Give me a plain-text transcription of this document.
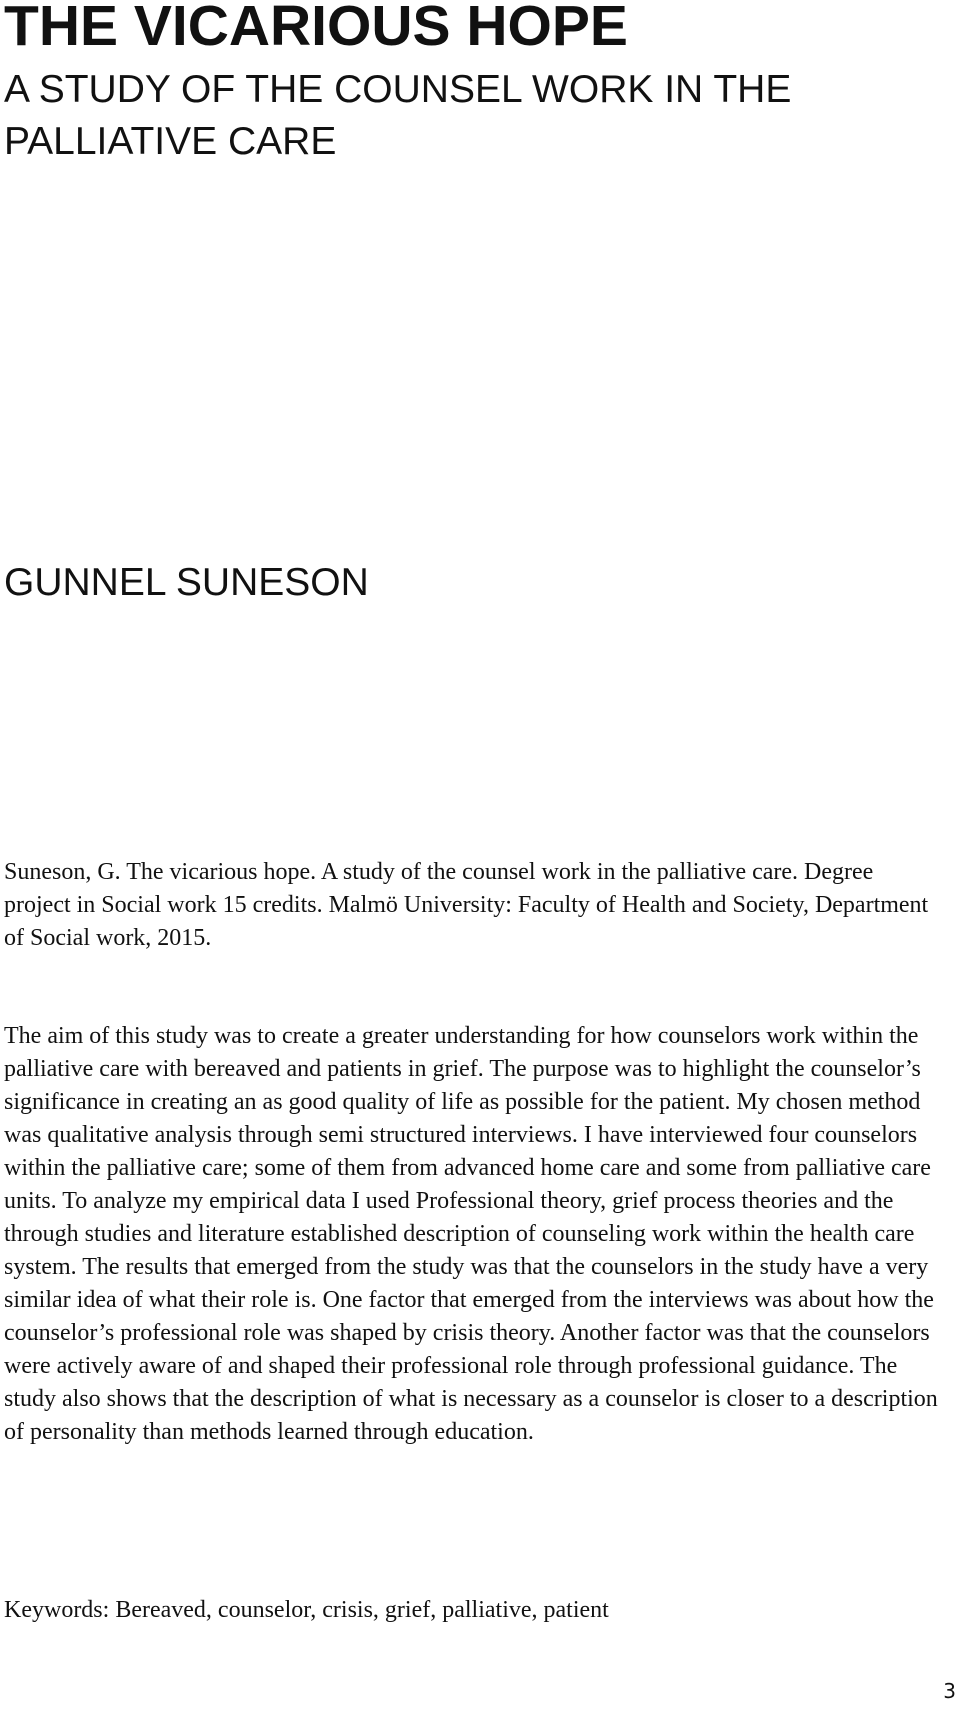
THE VICARIOUS HOPE
A STUDY OF THE COUNSEL WORK IN THE PALLIATIVE CARE
GUNNEL SUNESON

Suneson, G. The vicarious hope. A study of the counsel work in the palliative care. Degree project in Social work 15 credits. Malmö University: Faculty of Health and Society, Department of Social work, 2015.

The aim of this study was to create a greater understanding for how counselors work within the palliative care with bereaved and patients in grief. The purpose was to highlight the counselor’s significance in creating an as good quality of life as possible for the patient. My chosen method was qualitative analysis through semi structured interviews. I have interviewed four counselors within the palliative care; some of them from advanced home care and some from palliative care units. To analyze my empirical data I used Professional theory, grief process theories and the through studies and literature established description of counseling work within the health care system. The results that emerged from the study was that the counselors in the study have a very similar idea of what their role is. One factor that emerged from the interviews was about how the counselor’s professional role was shaped by crisis theory. Another factor was that the counselors were actively aware of and shaped their professional role through professional guidance. The study also shows that the description of what is necessary as a counselor is closer to a description of personality than methods learned through education.

Keywords: Bereaved, counselor, crisis, grief, palliative, patient

3
